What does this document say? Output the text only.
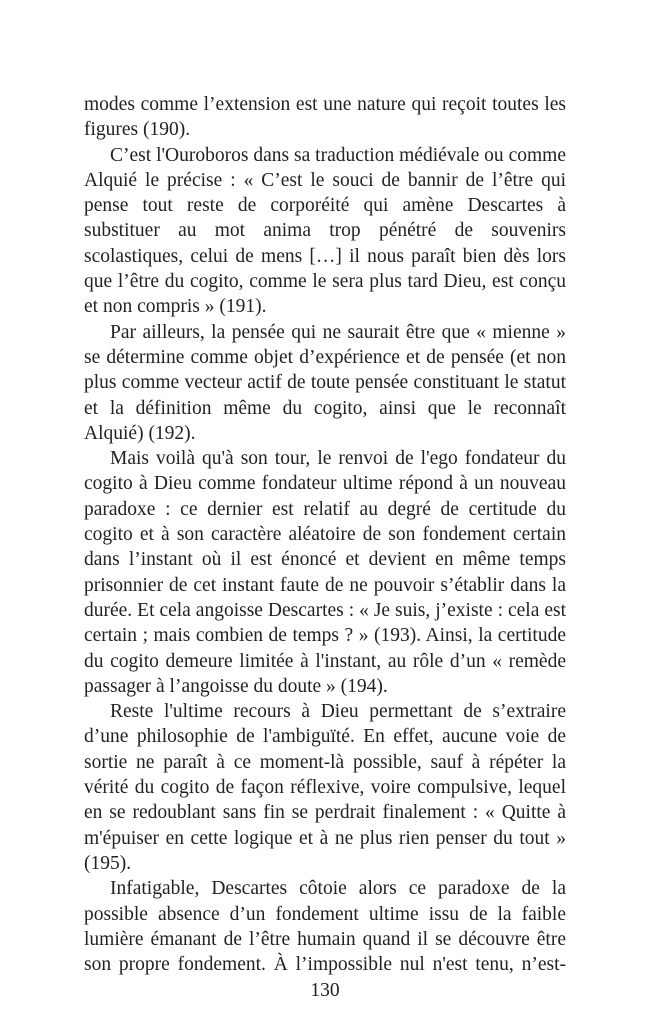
modes comme l’extension est une nature qui reçoit toutes les figures (190).

C’est l'Ouroboros dans sa traduction médiévale ou comme Alquié le précise : « C’est le souci de bannir de l’être qui pense tout reste de corporéité qui amène Descartes à substituer au mot anima trop pénétré de souvenirs scolastiques, celui de mens […] il nous paraît bien dès lors que l’être du cogito, comme le sera plus tard Dieu, est conçu et non compris » (191).

Par ailleurs, la pensée qui ne saurait être que « mienne » se détermine comme objet d’expérience et de pensée (et non plus comme vecteur actif de toute pensée constituant le statut et la définition même du cogito, ainsi que le reconnaît Alquié) (192).

Mais voilà qu'à son tour, le renvoi de l'ego fondateur du cogito à Dieu comme fondateur ultime répond à un nouveau paradoxe : ce dernier est relatif au degré de certitude du cogito et à son caractère aléatoire de son fondement certain dans l’instant où il est énoncé et devient en même temps prisonnier de cet instant faute de ne pouvoir s’établir dans la durée. Et cela angoisse Descartes : « Je suis, j’existe : cela est certain ; mais combien de temps ? » (193). Ainsi, la certitude du cogito demeure limitée à l'instant, au rôle d’un « remède passager à l’angoisse du doute » (194).

Reste l'ultime recours à Dieu permettant de s’extraire d’une philosophie de l'ambiguïté. En effet, aucune voie de sortie ne paraît à ce moment-là possible, sauf à répéter la vérité du cogito de façon réflexive, voire compulsive, lequel en se redoublant sans fin se perdrait finalement : « Quitte à m'épuiser en cette logique et à ne plus rien penser du tout » (195).

Infatigable, Descartes côtoie alors ce paradoxe de la possible absence d’un fondement ultime issu de la faible lumière émanant de l’être humain quand il se découvre être son propre fondement. À l’impossible nul n'est tenu, n’est-

130
